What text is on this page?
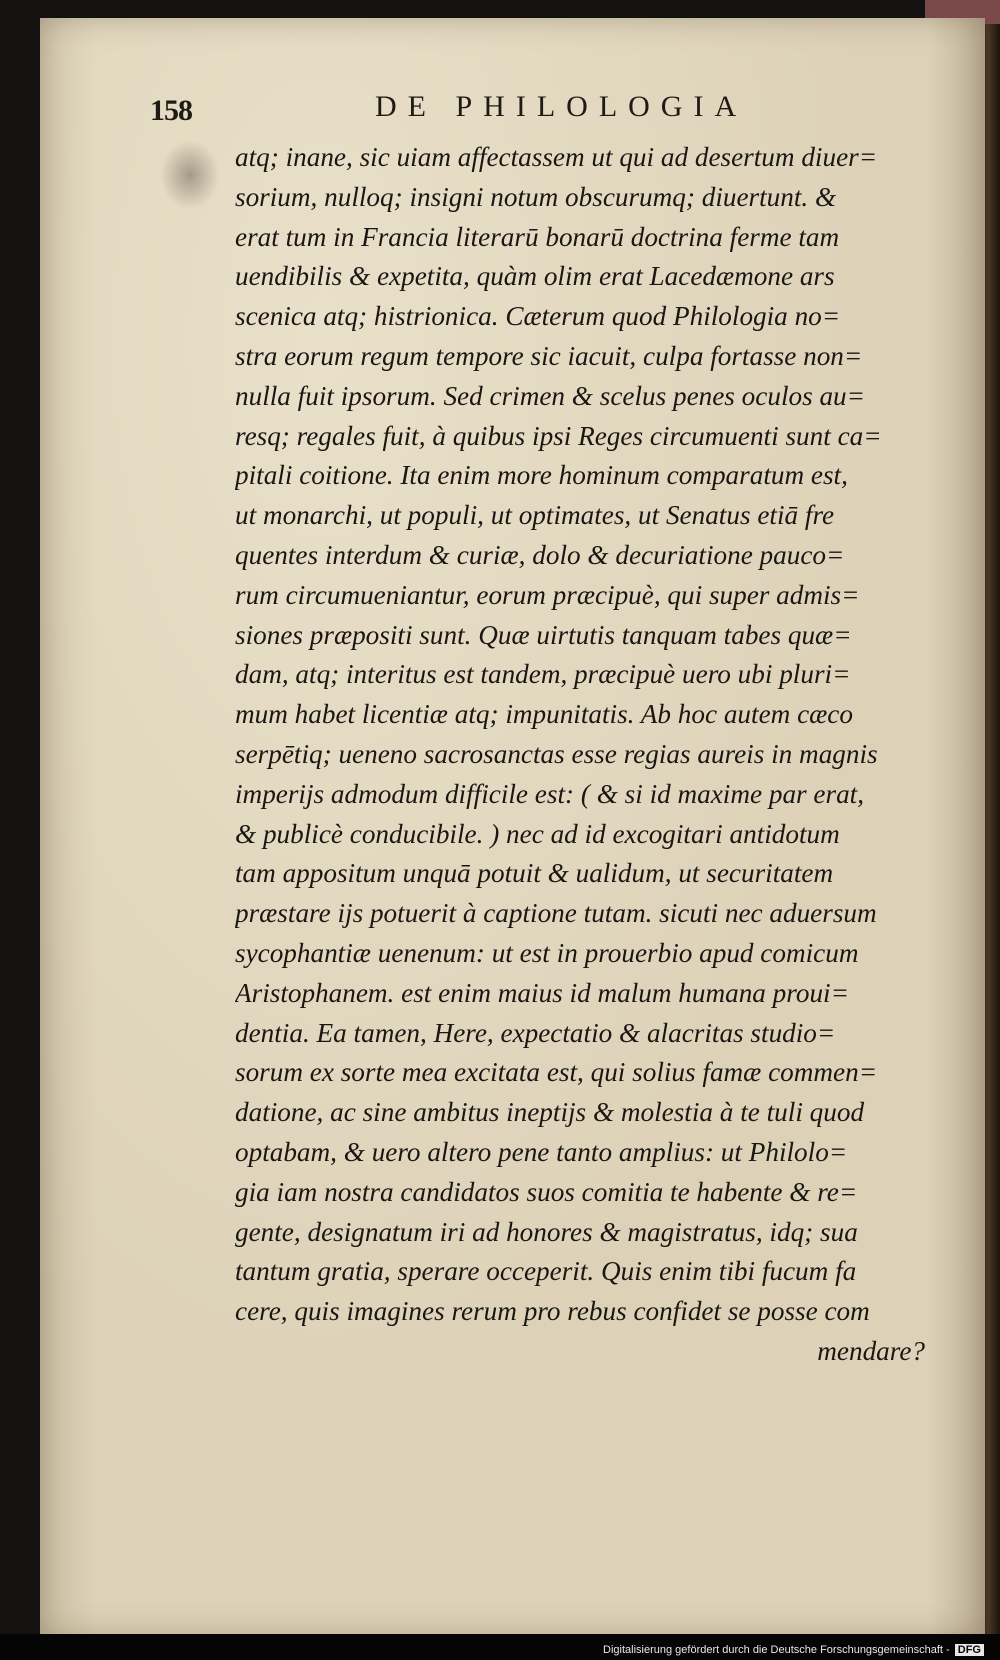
158	DE PHILOLOGIA
atq; inane, sic uiam affectassem ut qui ad desertum diuer=
sorium, nulloq; insigni notum obscurumq; diuertunt. &
erat tum in Francia literarū bonarū doctrina ferme tam
uendibilis & expetita, quàm olim erat Lacedæmone ars
scenica atq; histrionica. Cæterum quod Philologia no=
stra eorum regum tempore sic iacuit, culpa fortasse non=
nulla fuit ipsorum. Sed crimen & scelus penes oculos au=
resq; regales fuit, à quibus ipsi Reges circumuenti sunt ca=
pitali coitione. Ita enim more hominum comparatum est,
ut monarchi, ut populi, ut optimates, ut Senatus etiā fre
quentes interdum & curiæ, dolo & decuriatione pauco=
rum circumueniantur, eorum præcipuè, qui super admis=
siones præpositi sunt. Quæ uirtutis tanquam tabes quæ=
dam, atq; interitus est tandem, præcipuè uero ubi pluri=
mum habet licentiæ atq; impunitatis. Ab hoc autem cæco
serpētiq; ueneno sacrosanctas esse regias aureis in magnis
imperijs admodum difficile est: ( & si id maxime par erat,
& publicè conducibile. ) nec ad id excogitari antidotum
tam appositum unquā potuit & ualidum, ut securitatem
præstare ijs potuerit à captione tutam. sicuti nec aduersum
sycophantiæ uenenum: ut est in prouerbio apud comicum
Aristophanem. est enim maius id malum humana proui=
dentia. Ea tamen, Here, expectatio & alacritas studio=
sorum ex sorte mea excitata est, qui solius famæ commen=
datione, ac sine ambitus ineptijs & molestia à te tuli quod
optabam, & uero altero pene tanto amplius: ut Philolo=
gia iam nostra candidatos suos comitia te habente & re=
gente, designatum iri ad honores & magistratus, idq; sua
tantum gratia, sperare occeperit. Quis enim tibi fucum fa
cere, quis imagines rerum pro rebus confidet se posse com
mendare?
Digitalisierung gefördert durch die Deutsche Forschungsgemeinschaft - DFG
